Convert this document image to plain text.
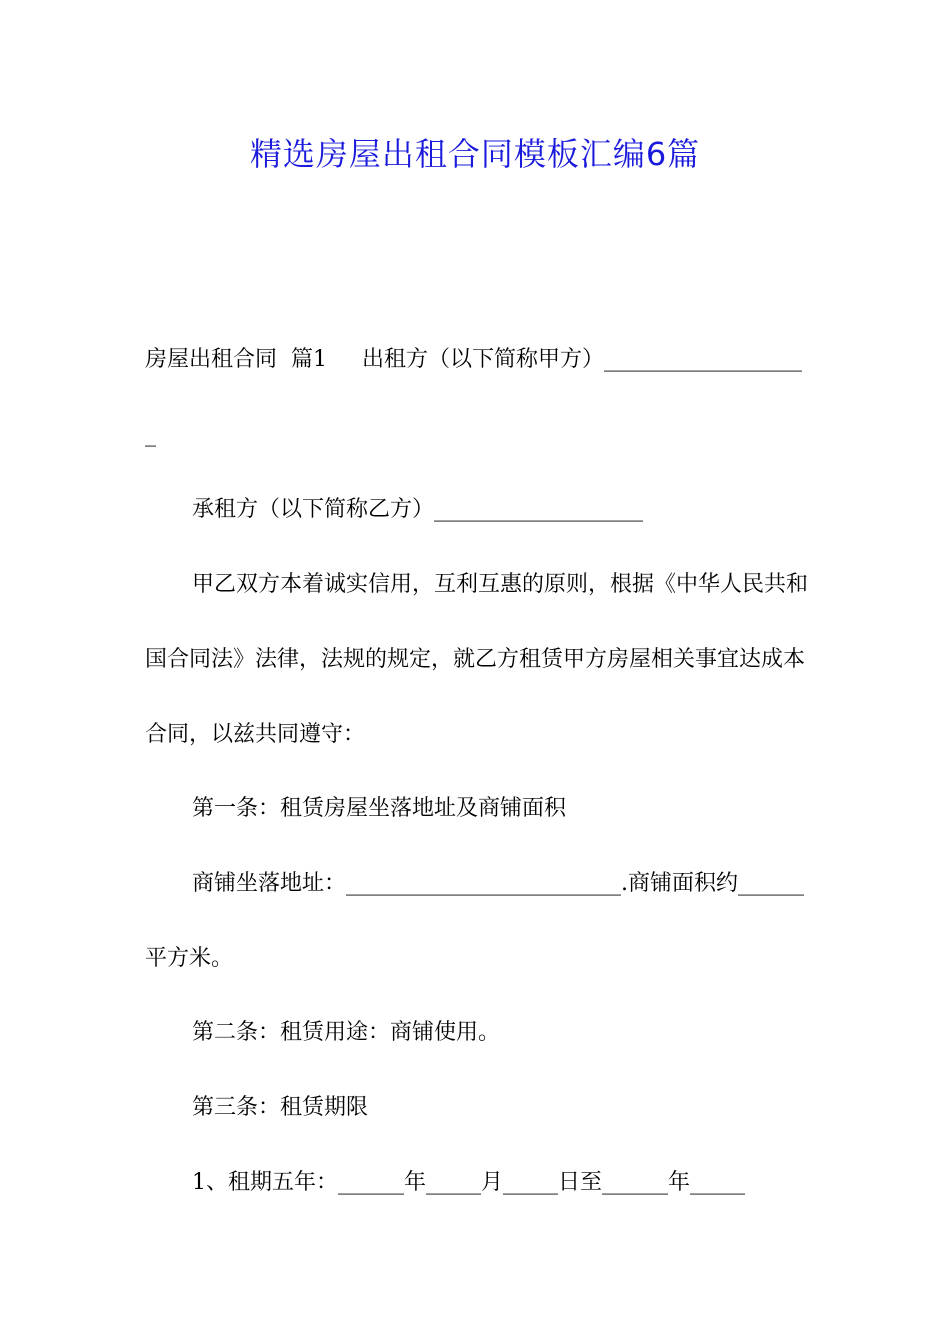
精选房屋出租合同模板汇编6篇

房屋出租合同  篇1     出租方（以下简称甲方）___________________

承租方（以下简称乙方）___________________

甲乙双方本着诚实信用，互利互惠的原则，根据《中华人民共和国合同法》法律，法规的规定，就乙方租赁甲方房屋相关事宜达成本合同，以兹共同遵守：

第一条：租赁房屋坐落地址及商铺面积

商铺坐落地址：_________________________.商铺面积约______平方米。

第二条：租赁用途：商铺使用。

第三条：租赁期限

1、租期五年：______年_____月_____日至______年_____
